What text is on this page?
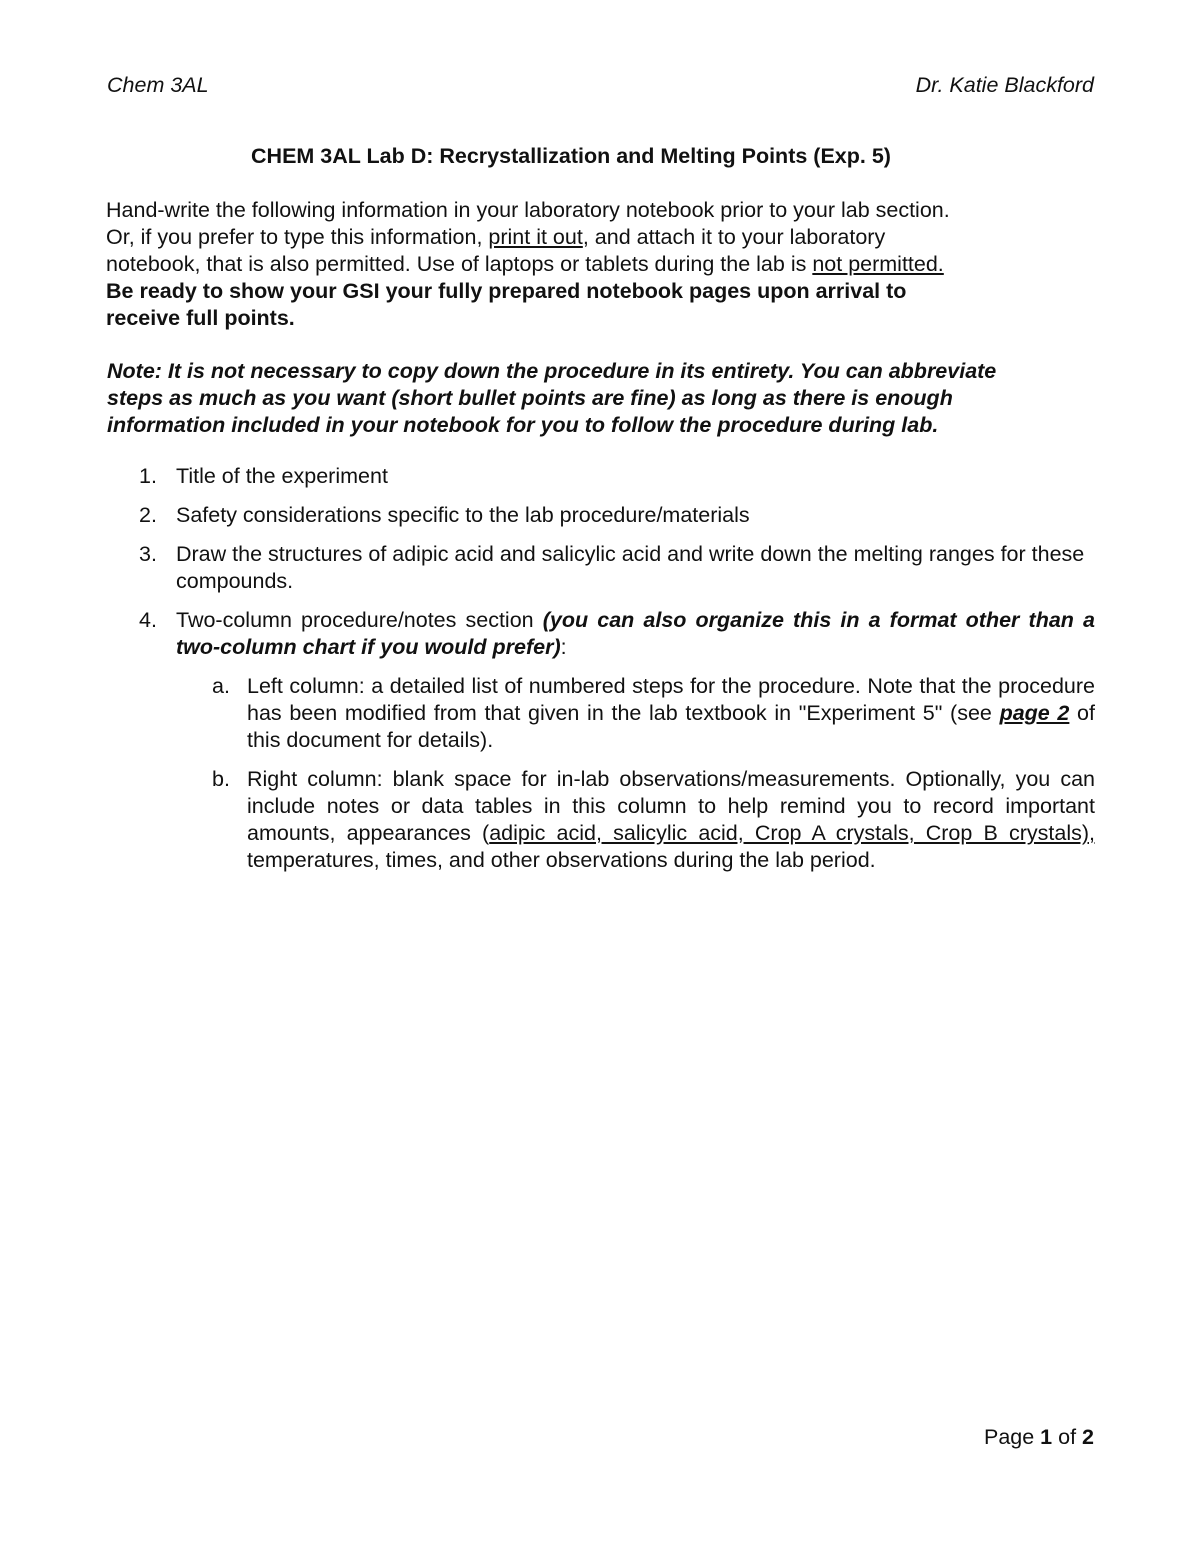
Chem 3AL	Dr. Katie Blackford
CHEM 3AL Lab D: Recrystallization and Melting Points (Exp. 5)

Hand-write the following information in your laboratory notebook prior to your lab section.

Or, if you prefer to type this information, print it out, and attach it to your laboratory

notebook, that is also permitted. Use of laptops or tablets during the lab is not permitted.

Be ready to show your GSI your fully prepared notebook pages upon arrival to

receive full points.

Note: It is not necessary to copy down the procedure in its entirety. You can abbreviate
steps as much as you want (short bullet points are fine) as long as there is enough
information included in your notebook for you to follow the procedure during lab.
1. Title of the experiment
2. Safety considerations specific to the lab procedure/materials
3. Draw the structures of adipic acid and salicylic acid and write down the melting ranges for these compounds.
4. Two-column procedure/notes section (you can also organize this in a format other than a two-column chart if you would prefer):
a. Left column: a detailed list of numbered steps for the procedure. Note that the procedure has been modified from that given in the lab textbook in "Experiment 5" (see page 2 of this document for details).
b. Right column: blank space for in-lab observations/measurements. Optionally, you can include notes or data tables in this column to help remind you to record important amounts, appearances (adipic acid, salicylic acid, Crop A crystals, Crop B crystals), temperatures, times, and other observations during the lab period.
Page 1 of 2
